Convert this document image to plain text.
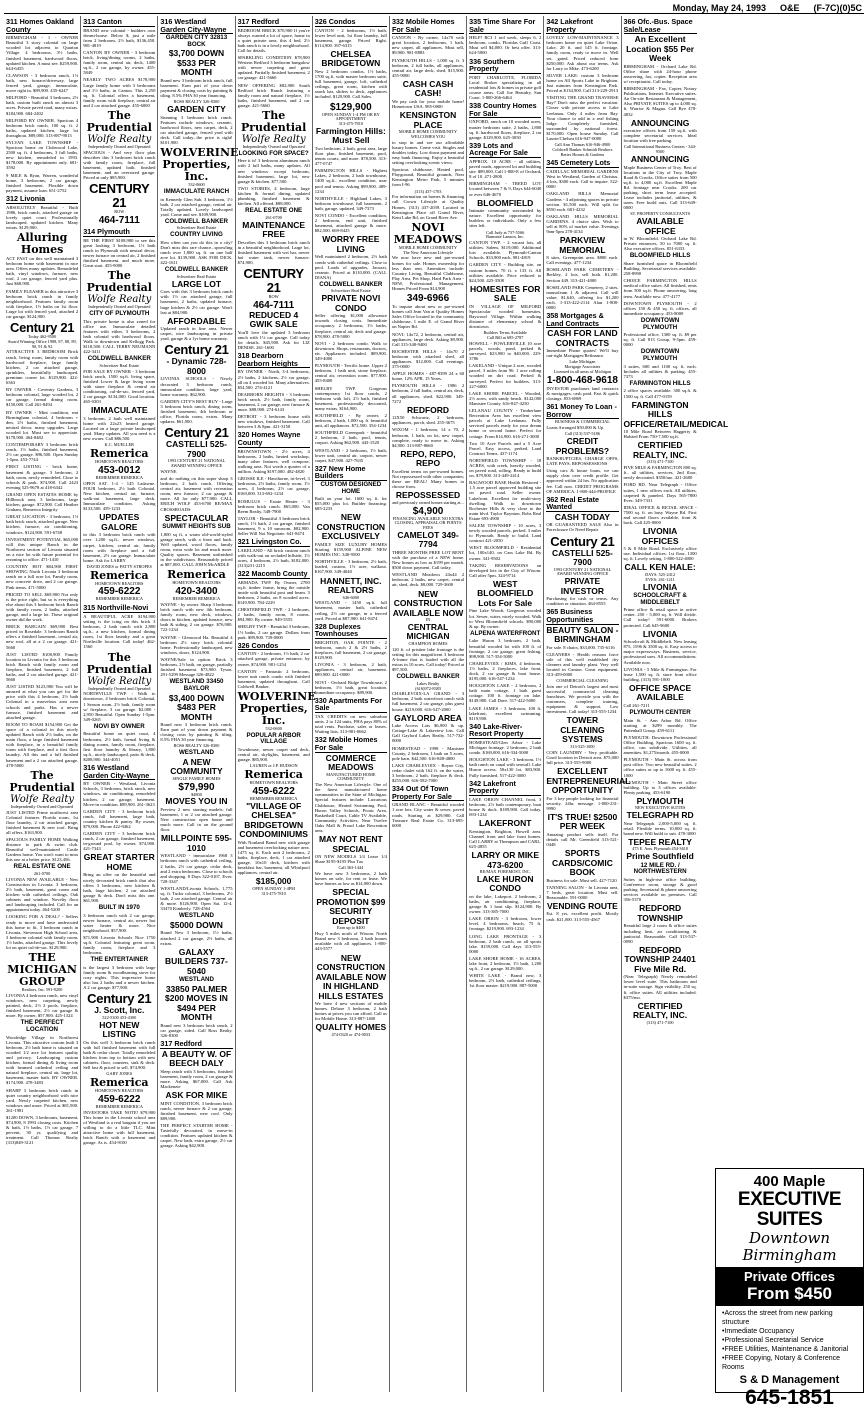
Monday, May 24, 1993 O&E (F-7C)(0)5C
311 Homes Oakland County
BIRMINGHAM - 1 - OWNER Beautiful 3 story colonial on large wooded lot adjacent to Quarton Village. 4 bedrooms, 3½ baths, finished basement, hardwood floors, updated kitchen. A must see. $259,900. 644-6455
CLAWSON - 3 bedroom ranch, 1½ bath, new furnace/driveway, large fenced yard, garage, immaculate, move right in. $89,900. 435-6247
MILFORD - Beautiful 3 bedroom, 2½ bath, custom built ranch on almost 3 acres. Private paved road, many extras. $184,900. 684-2402
MILFORD BY OWNER. Spacious 4 bedroom brick ranch, 100 sq. ft. 2 baths, updated kitchen, large lot throughout. $89,000. 313-887-9013
SYLVAN LAKE TOWNSHIP - Spacious home on Clubwood Lake, 2500 sq. ft. 4 bedrooms, 3 full baths, new kitchen, remodeled in 1993. $178,000. By appointment only. 681-3592
9 MILE & Ryan, Warren, wonderful home, 3 bedrooms, 2 car garage, finished basement. Flexible down payment, assume loan. 651-2752
312 Livonia
ABSOLUTELY Beautiful - Built 1986, brick ranch, attached garage on lovely quiet court. Professionally landscaped, updated kitchen. Many extras. $129,900.
Alluring Homes
ACT FAST on this well maintained 3 bedroom home with basement in nice area. Offers many updates. Remodeled bath, vinyl windows, furnace, new roof, 2 car garage, fenced yard plus. Just $68,900.
FAMILY PLEASER in this attractive 3 bedroom brick ranch in family neighborhood. Features family room with fireplace, 1½ baths on 1st floor. Large lot with fenced yard, attached 2 car garage. $124,900.
Century 21
Today 462-9500
Award Winning Office 1988, 87, 88, 89, 90, 91 & 92
ATTRACTIVE 3 BEDROOM Brick ranch, living room, family room with hardwood fireplace, large family kitchen, 2 car attached garage, sprinklers, beautifully landscaped, premium corner lot. $129,900. 422-6363
BY OWNER - Coventry Gardens, 3 bedroom colonial, large wooded lot, 2 car garage, formal dining room. $150,000. Call 261-8494
BY OWNER - Mint condition, rmt Birmingham colonial, 4 bedroom + den, 2½ baths, finished basement, neutral decor, many upgrades. Large wooded lot. Must see to appreciate. $178,900. 464-8482
CONTEMPORARY 3 bedroom brick ranch, 1½ baths, finished basement, 2½ car garage. $96,500. Open Sunday 1-5pm. 453-7744
FIRST LISTING - brick home, basement & garage. 3 bedroom, 2 bath, room, newly remodeled. Close to schools & park. $74,900. Call 2423 evening 525-9678 at 418-6342
GRAND OPEN ESTATES HOME by Hillbrook area, 3 bedrooms, large kitchen, garage. $72,900. Call Heather Graham, Remerica Integrity
GREAT LOCATION - 3 bedroom, 1½ bath brick ranch, attached garage. New kitchen, furnace, air conditioning, windows. $124,900. 591-6748
INVESTMENT POTENTIAL $65,000 will this unique Ranch in the Northwest section of Livonia situated on a nice lot with future potential for rezoning to office. 471-1410
COUNTRY HOT $84,900 FIRST SHOWING North Livonia 3 bedroom ranch on a full acre lot. Family room, new concrete drive, and 2 car garage. Pink terms. 471-5000
PRICED TO SELL $69,900 Not only is the price right, but so is everything else about this 3 bedroom brick Ranch with family room, 2 baths, attached garage, and a large lot. These original owner did the work.
BRICK BARGAIN $69,900 Best priced in Rosedale. 3 bedroom Ranch offers a finished basement, central air, new roof, all at a 2 car garage. 421-5660
JUST LISTED $108,900 Family location in Livonia for this 3 bedroom brick Ranch with family room and fireplace, finished basement, 2 full baths, and 2 car attached garage. 421-5660
JUST LISTED $123,900 You will be amazed at what you can get for the price with this 4 bedroom, 2½ bath Colonial in a marvelous area near schools and parks. Has a newer furnace, finished basement and attached garage.
ROOM TO ROAM $154,900 Get the space of a colonial in this nicely updated Ranch with 2½ baths, on the main floor, a large finished basement with fireplace, in a beautiful family room with fireplace, and a first floor laundry. All this and a full finished basement and a 2 car attached garage. 478-5000
The Prudential
Wolfe Realty
Independently Owned and Operated
JUST LISTED Prime northwest area Colonial features Florida room, 1st floor laundry, 2 car attached garage, finished basement & new roof. Bring all offers. $163,900.
SPACIOUS FAMILY HOME Walking distance to park & swim club. Beautiful well-maintained Castle Gardens home. You won't want to miss this one at a better price. $123,456.
REAL ESTATE ONE
261-0700
LIVONIA NEW AVAILABLE - New Construction in Livonia. 3 bedroom, 2½ bath, basement, great room and kitchen with cathedral ceilings, Oak cabinets and window. Novelty floor and landscaping included. Call for an appointment today. 464-5200
LOOKING FOR A DEAL? - Sellers ready to move and have undercuted this home to fit, 3 bedroom ranch in Livonia, Stevenson High School area, 3 bedroom colonial with family room, 1½ baths, attached garage. This lovely lot on quiet cul-de-sac. $129,900.
THE MICHIGAN GROUP
Realtors, Inc. 591-9200
LIVONIA 4 bedroom ranch, new vinyl windows, new carpeting, newly painted, deck, 2½ 2 pools, fireplace, finished basement, 2½ car garage & more. By owner, $57,900. 425-1324
THE PERFECT LOCATION
Woodridge Village in Northwest Livonia. This attractive custom built 3 bedroom, 2½ bath home is situated on wooded 1/2 acre lot features quality and privacy. Landscaping custom kitchen, formal dining & living room with beamed cathedral ceiling and natural fireplace, central air, large lot, basement, master bath. BY OWNER. $174,900. 478-3483
SHARP 3 bedroom brick ranch in quiet country neighborhood with nice yard. Newly carpeted kitchen, new windows and more. Priced at $81,900. 261-1981
$1200 DOWN, 3 bedrooms, basement, $74,900, 8 1993 closing costs. Kitchen & bath, 1½ baths, 1½ car garage. 7 percent, 30 yr, qualifying and treatment. Call Thomas Realty (313)849-3121
313 Canton
BRAND new colonial - builders own dream-house. Below $, just a mile from 2 bedroom, 2½ bath, $136,450. 981-4819
CANTON BY OWNER - 3 bedroom brick, living/dining rooms, 2 baths, family room, central air, deck, 1400 sq.ft., 2 car garage, by owner. 455-5849
NEARLY TWO ACRES $178,900 Large family home with 3 bedrooms and 1½ baths, in Canton. This 2,250 sq. ft. Colonial offers a basement, family room with fireplace, central air and 2 car attached garage. 455-6000
The Prudential
Wolfe Realty
Independently Owned and Operated
SPACIOUS - And very floor plan describes this 3 bedroom brick ranch with family room, fireplace, full basement, updated bath, finished basement, and an oversized garage. Priced at only $85,900.
CENTURY 21
ROW
464-7111
314 Plymouth
BE THE FIRST $108,900 to see this great looking 3 bedroom, 1½ bath ranch in Plymouth with neutral decor, newer furnace on central air, 2 finished finished basement, and much more. Great start. 455-9000
The Prudential
Wolfe Realty
Independently Owned and Operated
CITY OF PLYMOUTH
This private home is also zoned for office use. Immaculate detailed features with either, 3 bedrooms, 2 bath colonial with hardwood floors. Walk to downtown and Kellogg Park. $118,500. CALL TERRY NEUMANN 422-3411
COLDWELL BANKER
Schweitzer Real Estate
FOR SALE BY OWNER - 3 bedroom brick ranch, 1500 sq.ft. living space, finished Lower & large living room with stone fireplace & central air conditioning, cul-de-sac, fenced yard, 2 car garage. $134,000. Good location. 465-0303
IMMACULATE
3 bedroom, 2 bath well maintained home with 22x23 heated garage. Located on a large private landscaped yard. Many updates. All you need is a new owner. Call $86,500.
K.C. MUELLER
Remerica
HOMETOWN REALTORS
453-0012
REMEMBER REMERICA
OPEN SAT. 1-4 - 145 Ladawne. FOUR bedroom, 2½ bath Colonial. New kitchen, central air, furnace, walk-out basement, large deck. Immaculate condition. Asking $133,500. 459-1233
UPDATES GALORE
in this 3 bedroom brick ranch with over 1,200 sq.ft., newer windows, carpet, kitchen, central air, family room with fireplace and a full basement, 2½ car garage. Immaculate home. Ask for LARRY
DAVID JONES or PATTY STROPES
Remerica
HOMETOWN REALTORS
459-6222
REMEMBER REMERICA
315 Northville-Novi
A BEAUTIFUL ACRE $194,900 setting is the icing on this brick 3 bedroom, 2 bath ranch with 2,800 sq.ft., a new kitchen, formal dining room, 1st floor laundry and a great Northville location. Call today! 462-1560
The Prudential
Wolfe Realty
Independently Owned and Operated
NORTHVILLE TWP. - Walk to downtown, 4 bedroom brick Colonial, 1 Season room, 2½ bath, family room w/ fireplace, 3 car garage. $2,000 - 2,950 Beautiful. Open Sunday 1-5pm. 349-0265
NOVI BY OWNER
Beautiful home on quiet court, 4 bedrooms, 2½ bath, formal living & dining rooms, family room, fireplace, first floor laundry & library, 1,800 sq.ft., nicely landscaped, patio & deck, $208,900. 344-4051
316 Westland Garden City-Wayne
BY OWNER - Westland, Livonia Schools, 3 bedroom, brick ranch, new windows, air conditioning, remodeled kitchen, 2 car garage, basement. Move-in condition. $89,900. 261-3623
GARDEN CITY - 3 bedroom brick ranch, full basement, large bath, country kitchen & pantry. By owner, $79,000. Phone 422-9462
GARDEN CITY - 3 bedroom brick ranch, 2 car garage, finished basement, in-ground pool, by owner, $74,900. 421-7343
GREAT STARTER HOME
Bring an offer on the beautiful and nicely decorated brick ranch that also offers 3 bedrooms, new kitchen & bath, large kitchen, 2 car attached garage & deck. Don't miss this one. $61,900.
BUILT IN 1970
3 bedroom ranch with 2 car garage, newer furnace, central air, newer hot water heater & more. Nice neighborhood. $57,900.
$71,900 Livonia Schools Nice 1750 sq.ft. Colonial featuring great room, family room, fireplace and 3 bedrooms.
THE ENTERTAINER
is the largest 3 bedroom with large family room & woodburning stove for cozy nights. This impressive home also has 2 baths and a newer kitchen. A 2 car garage. $77,900.
Century 21
J. Scott, Inc.
522-5300 453-4300
HOT NEW LISTING
On this well 3 bedroom brick ranch with full finished basement with full bath & cedar closet. Totally remodeled kitchen from top to bottom with new cabinets, floor, counters, sink & deck. Sell fast & priced to sell. $74,900.
GARY JONES
Remerica
HOMETOWN REALTORS
459-6222
REMEMBER REMERICA
INVESTORS TAKE NOTE! $79,900 This home in the Livonia school area of Westland is a real bargain if you are willing to do a little TLC. Mint attractive home with full basement, brick Ranch with a basement and garage. As is. 454-9100
316 Westland Garden City-Wayne
GARDEN CITY 32813 BOCK
$3,700 DOWN $533 PER MONTH
Brand new 3 bedroom brick ranch, full basement. Earn part of your down payment & closing costs by painting & tiling. 8.5% FHA 30 year financing.
ROSS REALTY 326-8300
GARDEN CITY
Stunning 3 bedroom brick ranch. Features include windows, ceramic, hardwood floors, new carpet, deck, 2 car attached garage, fenced yard with deck. Call today...the price is right! $101,900.
WOLVERINE Properties, Inc.
532-0600
IMMACULATE RANCH
in Kennedy Glen Sub. 3 bedroom, 1½ bath, 2 car attached garage, central air. Totally updated. Lovely landscaped yard. Come and see. $109,900.
COLDWELL BANKER
Schweitzer Real Estate
COUNTRY LIVING
How often can you do this in a city? Don't miss this rare chance...sprawling ranch over 1,800 sq. ft. on one half acre lot. $139,900. ASK FOR DICK. 422-1611
COLDWELL BANKER
Schweitzer Real Estate
LARGE LOT
Goes with this 3 bedroom brick ranch with 1½ car attached garage, full basement, 2 baths, updated furnace, huge kitchen & 2½ car garage. Won't last at $84,900.
AFFORDABLE
Updated ranch in fine area. Newer carpet, nice landscaping in private yard, garage & a 1yr home warranty.
Century 21
- Dynamic 728-8000
LIVONIA SCHOOLS - Newly decorated 3 bedroom ranch, immaculate condition, large yard, home warranty. $62,900.
GARDEN CITY'S BEST BUY - Large 3 bedroom brick ranch, dining room, finished basement, 4th bedroom or office, Florida room, extras. Many updates. $61,900.
Century 21
CASTELLI 525-7900
1993 CENTURY 21 NATIONAL AWARD WINNING OFFICE
WAYNE
and do nothing on this super sharp 3 bedroom, 2 bath ranch. Offering central air, basement with recreation room, new furnace, 2 car garage & more. All for only $77,900. CALL ERICH WOLF 453-6700 RE/MAX CROSSROADS
SPECTACULAR
SUMMIT HEIGHTS SUB
1,800 sq ft, a warm old-world-styled garage ranch, with a front and back. Well updated, wood floors, family room, extra wide lot and much more. Quality spaces. Basement unfinished in the subdivision. Reasonably priced at $87,000. CALL JOHN McARDLE
Remerica
HOMETOWN REALTORS
420-3400
REMEMBER REMERICA
WAYNE - by owner. Sharp 3 bedroom brick ranch with new 4th bedroom, family room, new deck, windows, doors in kitchen, updated furnace, new bath & siding, 2 car garage. $76,900. 722-1234
WAYNE - Glenwood Ha. Beautiful 4 bedroom 2½ story brick colonial home. Professionally landscaped, new windows, doors. $124,900.
WAYNE/Sale in option. Brick 3 bedroom, 2½ bath, on garage, partially finished basement. $73,900. Tyson. 291-5299 Message 326-4822
WESTLAND 33450 BAYLOR
$3,400 DOWN $483 PER MONTH
Brand new 3 bedroom brick ranch. Earn part of your down payment & closing costs by painting & tiling. 8.5% FHA 30 year financing.
ROSS REALTY 326-8300
WESTLAND
A NEW COMMUNITY
SINGLE FAMILY HOMES
$79,990
$4800
MOVES YOU IN
Preview 2 new starting models: full basement, 1 or 2 car attached garage. New construction open house and much more. Call in on the ground floor.
MILLPOINTE 595-1010
WESTLAND - immaculate 1968 3 bedroom ranch with cathedral ceiling, 2 baths, 2½ car garage, cedar deck, and 2 extra bedrooms. Close to schools and shopping. 8 Days 322-0107. Eves: 728-3347
WESTLAND/Livonia Schools, 1,775 sq. ft. Tudor colonial, 3 bedrooms, 2½ bath, 2 car attached garage. Central air & more. $126,900. Open Sat. 12-4. 33470 Kimberly. 728-4564
WESTLAND
$5000 DOWN
Brand New 3 bedroom, 1½ baths, attached 2 car garage, 2½ baths, all extras.
GALAXY BUILDERS 737-5040
WESTLAND
33850 PALMER $200 MOVES IN $494 PER MONTH
Brand new 3 bedroom brick ranch, 2 car garage, sided. Call Ross Realty. 326-8300
317 Redford
A BEAUTY W. OF BEECH DALY
Sleep ranch with 3 bedrooms, finished basement, family room, 2 car garage & more. Asking $67,000. Call Ask Mackenzie
ASK FOR MIKE
MINT CONDITION, 3 bedroom brick ranch, newer furnace & 2 car garage, finished basement, new roof. Only $89,900.
THE PERFECT STARTER HOME - Tastefully decorated, in move-in condition. Features updated kitchen & carpet. New bath, extra garage, 2½ car garage. Asking $42,900.
317 Redford
BEDROOM BRICK $70,900 If you're always wanted a lot of space, home in a quiet private area, this 4 bed, 2½ bath ranch is in a lovely neighborhood. Call for details.
SPARKLING CONDITION $78,900 Western Redford 3 bedroom bungalow with newer carpeting and great updated. Partially finished basement, 2 car garage. 421-5660
NEW OFFERING $82,900 South Redford brick Ranch featuring a family room and natural fireplace, 1½ baths, finished basement, and 2 car garage. 421-5660
The Prudential
Wolfe Realty
Independently Owned and Operated
LOOKING FOR SPACE?
Here it is! 3 bedroom aluminum ranch with 2 full baths, many updates. All new windows except bedroom, finished basement, large lot, new garage & kitchen. $77,500.
TWO STORIES, 4 bedroom, large kitchen & formal dining, updated plumbing, finished basement & kitchen. All offered. $88,000.
REAL ESTATE ONE
261-0700
MAINTENANCE FREE
Describes this 3 bedroom brick ranch in a beautiful neighborhood. Large lot, finished basement with wet bar, newer hot water tank, newer furnace. $74,900.
CENTURY 21
ROW
464-7111
REDUCED 4 GWIK SALE
You'll love the updated 3 bedroom ranch with 1½ car garage. Call today for details. $45,900. Ask for LIZ DENISE. 261-1600
318 Dearborn Dearborn Heights
BY OWNER - North, 3-4 bedrooms, 2½ baths, 2 kitchens, 2½ car garage, all on 4 wooded lot. Many alternatives. $54,500. 274-4121
DEARBORN HEIGHTS - 3 bedroom brick ranch, 2½ bath, family room, basement, 2 car garage, new furnace & more. $88,900. 274-6143
DETROIT - 3 bedroom house with new windows, finished basement. Call between 3 & 8pm. 421-3158
320 Homes Wayne County
BROWNSTOWN - 2½ acres, 4 bedrooms, 2 baths, heated workshop, many other features, well compose, walking area. Not worth a quarter of a million. Asking $197,000. 482-4820
GROSSE ILE - Hawthorne, tri-level, 3 bedrooms, 2½ baths, family room, 1½ acres, 4 bedroom, 2½ car garage, $169,000. 313-692-1234
ROMULUS - Estate Heater - 3 bedroom brick ranch. $65,000. Van Reem Realty. 548-7900
TAYLOR - Beautiful 3 bedroom brick ranch, 1½ bath, 2 car garage, finished basement, 9 x 10 sunroom, $82,900. Seller Will Not Negotiate. 641-8474
321 Livingston Co.
LAKELAND - All brick custom ranch with walk-out on secluded hillside, 1½ acres, 4 bedroom, 2½ bath, $182,000. (313)231-2215
322 Macomb County
ARMADA TWP. By Owner, 2700 sq.ft. timber frame, bring the outside inside with beautiful post and beam. 3 bedroom, 2 baths, on 8 wooded acres. $149,900. 784-2229
CHESTERFIELD TWP. - 2 bedroom, 2 baths, family room, 8 rooms. $94,900. By owner. 949-5555
SHELBY TWP. - Beautiful 3 bedroom, 1½ baths, 2 car garage. Dollars from park. $89,900. 739-0000
326 Condos
CANTON - 2 bedroom, 1½ bath, 2 car attached garage, private entrance, by owner, $74,900. 981-1254
CANTON - Fantastic 2 bedroom, lower unit ranch condo with finished basement, updated throughout. Call Coldwell Banker.
WOLVERINE Properties, Inc.
532-0600
POPULAR ARBOR VILLAGE
Townhouse, newer carpet and deck, central air, skylights, basement, and garage. $85,900.
LAUREN or J.P. HUDSON
Remerica
HOMETOWN REALTORS
459-6222
REMEMBER REMERICA
"VILLAGE OF CHELSEA" BRIDGETOWN CONDOMINIUMS
With Nonland Brand new with garage and basement overlooking nature area. 1475 sq. ft. Each unit 2 bedrooms, 2 baths, fireplace, deck, 1 car attached garage, 10x10 deck, kitchen with breakfast bar, basement, all Whirlpool appliances, central air.
$185,000
OPEN SUNDAY 1-4PM
313-475-7810
326 Condos
CANTON - 2 bedrooms, 1½ bath, lower level unit, 1st floor laundry, full basement, garage. Priced Right. $114,900. 397-6315
CHELSEA BRIDGETOWN
New 2 bedroom condos, 1½ baths, 1700 sq.ft. with master bedroom suite, full basement, garage, loft, cathedral ceilings, great room, kitchen with snack bar, sliders to deck, appliances included. $129,900. Call Sales.
$129,900
OPEN SUNDAY 1-4 PM OR BY APPOINTMENT
313-475-7810
Farmington Hills: Must Sell
Two bedroom, 2 bath, great area, large floor plan, finished basement, pool, tennis courts, and more. $78,500. 313-477-0747
FARMINGTON HILLS - Highest Lakes, 2 bedroom, 2 bath townhouse, 1400 sq.ft., excellent condition, near pool and tennis. Asking $99,900. 489-1234
NORTHVILLE - Highland Lakes, 3 bedroom townhouse, full basement, 2 bath, garage, updated. 349-7373
NOVI CONDO - Excellent condition, 2 bedroom, end unit, finished basement, attached garage & more. $82,500. 669-8425
WORRY FREE LIVING
Well maintained 2 bedroom, 2½ bath condo with cathedral ceilings. Close to pool. Loads of upgrades, Jacuzzi, ceramic. Priced at $110,000. (CALL DIANA)
COLDWELL BANKER
Schweitzer Real Estate
PRIVATE NOVI CONDO
Seller offering $1,000 allowance towards closing costs. Immediate occupancy. 2 bedrooms, 1½ baths, fireplace, central air, deck and garage. $78,900. 478-5000
NOVI - 2 bedroom condo. Walk to downtown. Shops, restaurants, doctors, etc. Appliances included. $89,900. 349-4000
PLYMOUTH - Terrific home. Upper 2 bedroom, 1 bath unit, stone fireplace, central air, recreation room. $77,900. 455-8400
SHELBY TWP. Gorgeous contemporary 1st floor condo, 2 bedroom with loft, 2½ bath, finished basement, professionally decorated, many extras. $164,900.
SOUTHFIELD - By owner, 2 bedroom, 2 bath, 1,000 sq. ft. beautiful unit, all appliances. $72,500. 354-1234
SOUTHFIELD Greenpark - beautiful 2 bedroom, 2 bath, pool, tennis, carport. Asking $62,900. 443-1520
WESTLAND - 2 bedroom, 1½ bath, lower unit, central air, carport, newer carpet, $47,900. 427-7635
327 New Home Builders
CUSTOM DESIGNED HOME
Built on your lot. 1600 sq. ft. for $55,000 plus lot. Builder financing. 685-2233
NEW CONSTRUCTION EXCLUSIVELY
FAMILY SIZE LUXURY HOMES Starting $159,900 ALPINE NEW HOMES INC. 348-9500
NORTHVILLE - 3 bedroom, 2½ bath, loaded, custom, 1½ acre, walkout. $167,900. 349-4040
HANNETT, INC. REALTORS
646-6000
WESTLAND - 1450 sq.ft. full basement, master bath, cathedral ceiling, 2½ car garage, in a fenced yard. Priced at $87,900. 641-8474
328 Duplexes Townhouses
BRIGHTON, OAK POINTE - 2 bedroom, ranch 2 & 2½ baths, 2 fireplaces, full basement, 2 car garage. $129,900.
LIVONIA - 3 bedroom, 2 bath, appliances, central air, basement. $89,900. 421-0000
NOVI - Orchard Ridge Townhouse, 2 bedroom, 1½ bath, great location. Immediate occupancy. $89,900.
330 Apartments For Sale
TAX CREDITS on new suburban units. 2 to 124 units, FHA pays 80% of total rents. Purchase, sales or leases. Waiting lists. 313-981-0662
332 Mobile Homes For Sale
COMMERCE MEADOWS
MANUFACTURED HOME COMMUNITY
The New American Lifestyle. One of the finest manufactured home communities in the State of Michigan. Special features include: Luxurious Clubhouse, Heated Swimming Pool, Huron Valley Schools, Picnic Area, Basketball Court, Cable TV Available, Community Activities, Near Twelve Oaks Mall & Proud Lake Recreation area.
MAY NOT RENT SPECIAL
ON NEW MODELS 1/4 Lease 1/4 Share $195-$195 Plus Tax
Call 363-1444
We have new 3 bedrooms, 2 bath homes on sale, for rent or lease. We have homes as low as $14,900 down.
SPECIAL PROMOTION $99 SECURITY DEPOSIT
Earn up to $400
Hwy 5 miles north of Wixom. North Brand new 3 bedroom, 2 bath homes available with all appliances. 1-800-443-5577
NEW CONSTRUCTION AVAILABLE NOW IN HIGHLAND HILLS ESTATES
We have 4 new sections of mobile homes. Deluxe 3 bedroom, 2 bath homes at prices you can afford. Call us for Mobile Home. 313-887-1400
QUALITY HOMES
474-0320 or 474-0033
332 Mobile Homes For Sale
CANTON - By owner, 14x70 with great location, 2 bedrooms, 1 bath, new carpet, all appliances. Must sell, $9,900. 981-8883
PLYMOUTH HILLS - 1,000 sq. ft. 3 bedroom, 2 full baths, all appliances, central air, large deck, shed, $15,900. 455-9000
CASH CASH CASH!
We pay cash for your mobile home! Hometown USA. 985-0000
KENSINGTON PLACE
MOBILE HOME COMMUNITY WELCOMES YOU
to stop in and see our affordable luxury homes. Come visit. Singles and doubles today. Low down payment and easy bank financing. Enjoy a beautiful setting overlooking scenic views.
Spacious clubhouse, Heated pool, Playground, Beautiful grounds, Near Kensington Metro Park, 5 minutes from I-96
(313) 437-1703
For information on homes & financing call Crown Lifestyle at Quality Homes. (313) 437-2039. Located in Kensington Place off Grand River, Kent Lake Rd, on Grand River Ave.
NOVI MEADOWS
MOBILE HOME COMMUNITY
The New American Lifestyle
We now have new and pre-owned homes for sale. Homes ownership for less than rent. Amenities include: Country Living, Beautiful Clubhouse, Play Area, Pet Shop, Hard Park Area - NEW, Professional Management, Homes Priced From $14,900
349-6966
To inquire about new or pre-owned homes call Jean Van at Quality Homes Sales Office located in the community clubhouse, 1 mile E. of Grand River on Napier Rd.
NOVI: 14x72, 2 bedroom, central air, appliances, large deck. Asking $9,900. Call 315-348-9400
ROCHESTER HILLS - 14x70 2 bedroom with attached shed, all appliances. $12,000. Call evenings. 375-0000
APPLE HOMES - 487-8399 24 x 60 home, 12% APR. 15 Years.
PLYMOUTH HILLS - 1986 2 bedroom, 2 full baths, central air, deck, all appliances, shed. $22,900. 349-7272
REDFORD
12X50 Schwartz, 2 bedroom, appliances, porch, shed. 255-3675
WIXOM - 1 bedroom, 14 x 70, 2 bedroom, 1 bath, on lot, new carpet, complete, ready to move in. Asking $4,900. 313-887-8660
REPO, REPO, REPO
Excellent terms on pre-owned homes. Not repossessed with other companies; these are REAL! Many homes to choose from.
REPOSSESSED
and previously owned homes starting at...
$4,900
FINANCING AVAILABLE NO EXTRA CLOSING, APPRAISAL OR POINTS FEES
CAMELOT 349-7794
THREE MONTHS FREE LOT RENT with the purchase of a NEW home. New homes as low as $199 per month. $500 down payment. Call today.
WESTLAND Meadows 24x44 2 bedroom, 2 baths, new carpet, central air, shed, deck. $8,000. 729-3600
NEW CONSTRUCTION AVAILABLE NOW
IN
CENTRAL MICHIGAN
CHAMPION HOMES
120 ft. of pristine lake frontage is the setting for this magnificent 3 bedroom A-frame that is loaded with all the extras in 10 acres. Call today! Priced at $97,500.
COLDWELL BANKER
Lakes Realty
(616)972-8383
CHARLEVOIX-LA GRAND - 3 bedroom, 2 bath waterfront ranch with full basement, 2 car garage, plus guest house. $219,000. 616-547-2000
GAYLORD AREA
Lake Access Lots $6,900 & up. Cottage-Lake & Lakeview lots. Call Gall Gaylord Lakes Realty. 517-732-0000
HOMESTEAD - 1998 - Manistee County, 2 bedroom, 1 bath on 5 acres, pole barn. $42,500. 616-848-4800
LAKE CHARLEVOIX - Boyne City, cedar chalet with 162 ft. on the water, 3 bedroom, 2 bath, fireplace & deck. $255,000. 616-582-7000
334 Out Of Town Property For Sale
GRAND BLANC - Beautiful wooded 1 acre lots. City water & sewer, paved roads. Starting at $29,900. Call Treasure Real Estate Co. 313-695-6000
335 Time Share For Sale
HELP! RCI 1 red week, sleeps 6, 2 bedroom, condo, Floridas Gulf Coast. Must sell $4,000. Or best offer. 313-624-5000
336 Southern Property
PORT CHARLOTTE, FLORIDA Local Broker specializing in all residential lots & homes in private golf course areas. Call Joe Beaudry, Sun Coast. 1-800-266-6464
338 Country Homes For Sale
OXFORD, ranch on 10 wooded acres, master bedroom suite, 2 baths, 1,800 sq. ft. hardwood floors, fireplace, 2 car garage. $129,900. 625-3050
339 Lots and Acreage For Sale
APPROX. 10 ACRE - all utilities, paved roads, approved lot and building site. $89,000. Call 1-800-E of Orchard, 8 of 10. 471-2800
BIRMINGHAM - TREED LOT located between 7 & 9, Days 644-6040 or eves 646-4670
BLOOMFIELD
Intimate community surrounded by nature. Excellent opportunity for builders or individuals. Only a few sites left.
Call Judy at 737-5566
Bamonte Lanaon, Inc.
CANTON TWP. - 2 vacant lots, all utilities. Salem, $119,000. Additional lots available. Plymouth-Canton Schools. $33,900 each. 981-4819
GARDEN CITY - Building site, on custom homes. 70 ft. x 133 ft. All utilities available. Price reduced to $24,500. 425-3508
HOMESITES FOR SALE
IN VILLAGE OF MILFORD Spectacular wooded homesites, Baywood Village. Within walking distance of elementary school & downtown.
Builders Terms Available
Call Bill at 685-2787
HOWELL - FOWLERVILLE 10 acre parcels, woods, pond, perked & surveyed. $23,900 to $40,000. 229-3786
LAKELAND - Unique 2 acre, wooded parcel, 3 miles from 96. 1 acre rolling wooded on dirt road. Perked & surveyed. Perfect for builders. 313-227-6000
LAKE SHORE PARCEL - Wooded, 2½ acres, with sandy beach. $142,000 Manistee County. 616-847-4250
LELANAU COUNTY - Timberlane Recreation Area has excellent view parcels at Lake Leelanau. Fully serviced parcels ready for your dream home or second home. Perfect for cottage. From $14,900. 616-271-3000
Two 10 Acre Parcels and a 5 Acre Parcel. Easy access, perked. Land Contract Terms. 437-1174
NORTHFIELD TOWNSHIP - 18 ACRES, with creek, heavily wooded, on paved road, rolling. Ready to build on. $79,900. 313-449-2414
BAGWOOD BASE Health Restored - 1.5 acre parcel approved building site on paved road. Seller owner. Lakefront. Excellent for multi-story dwelling. Walk to downtown Rochester Hills & very close to the main blvd. Taylor Boynton, Bobs Real Estate 693-4900
SALEM TOWNSHIP - 10 acres, 3 newly wooded parcels, perked. 3 miles to Plymouth. Ready to build. Land contract 421-2050
WEST BLOOMFIELD - Residential lot, 100x140, on Cass Lake Rd. By owner. 341-9502
TAKING RESERVATIONS on developed lots in the City of Wixom. Call after 5pm. 324-9714
WEST BLOOMFIELD Lots For Sale
Pine Lake Woods. Gorgeous wooded lot. Sewer, water, nicely wooded. Walk to West Bloomfield schools. $90,000 & up. By owner.
ALPENA WATERFRONT
Lake Huron 3 bedroom, 2 bath, beautiful wooded lot with 100 ft. of frontage, 2 car garage, great fishing. $98,900. 517-354-5000
CHARLEVOIX / KIMS, 4 bedroom, 1½ baths, 2 fireplaces, lake front, dock, 2 car garage & boat house. $195,000. 616-547-1234
HOUGHTON LAKE - 2 bedroom, 2 bath main cottage, 1 bath guest cottage. 100 ft. frontage on lake. $149,900. Call Dave. 517-422-5000
LAKE JAMES - 3 bedroom, 100 ft. lakefront, excellent swimming. $119,900.
340 Lake-River-Resort Property
HOMESTEAD/Glen Arbor - Lake Michigan frontage. 2 bedroom, 2 bath condo. $169,000. 616-334-5000
HOUGHTON LAKE - 3 bedroom, 1½ bath ranch on canal with seawall. Lake Huron access. 50x130 lot. $83,900. Fully furnished. 517-422-3000
342 Lakefront Property
LAKE ORION CHANNEL front, 3 bedroom, 2½ bath contemporary, boat house & dock. $189,900. Call today. 693-1234
LAKEFRONT
Kensington, Brighton, Howell area. Channel front and lake front homes. Call LARRY at Thompson and CARL. 625-4855
LARRY OR MIKE 473-6200
RE/MAX FOREMOST, INC.
LAKE HURON CONDO
on the lake, Lakeport. 2 bedroom, 2 baths, air conditioning, fireplace, garage & 1 boat slip. $124,900. By owner. 313-385-7000
LAKE ORION - 3 bedroom, lower level, 4 bedrooms, beach, 75 ft. frontage. $219,900. 693-1234
LONG LAKE FRONTAGE - 3 bedroom, 2 bath ranch, on all sports lake. $159,000. Call days 313-555-0000
LAKE SHORE HOME - 16 ACRES, lake front, 2 bedroom, 1½ bath, 1,200 sq.ft., 2 car garage. $129,000.
WHITE LAKE - Brand new, 3 bedroom, 2½ bath, cathedral ceilings, 1st floor master. $219,900. 887-5000
342 Lakefront Property
LOVELY LOW-MAINTENANCE 3 bedroom home on quiet Lake Orion. Lake, 20 ft. and 145 ft. frontage, family room, ready to move in. Well set, gated. Priced reduced from $250,000. Ask about our terms. Ask for Larry or Mike. 473-6200
SILVER LAKE: custom 3 bedroom home on All Sports Lake in Brighton. Just minutes from Kensington Park. Priced at $134,900. Call 313-229-2913
VISITING THE GRAND TRAVERSE Bay? Don't miss the perfect vacation. Closer with private access to Lake Leelanau. Only 4 miles from Bay. Your chance to add in a real fishing lodge. Completely furnished, surrounded by national forest. $170,000. Open house Sunday. Call Laurie/Chelsea 616-947-0000
Call Ann Thomas 616-946-4900
Coldwell Banker Schmidt Realtors
Better Homes & Gardens
345 Cemetery Lots
CADILLAC MEMORIAL GARDENS West in Westland, Garden of Christus, 4 lots, $300 each. Call to inquire. 522-0000
OAKLAND HILLS Memorial Gardens - 4 adjoining spaces in private section. $1,500 each. Will split for $550 each. 681-4232
OAKLAND HILLS MEMORIAL GARDENS. 4 choice sites. Wish to sell at 80% of market value. Evenings 9am-5pm 278-4134
PARKVIEW MEMORIAL
8 sites, Greenpoint area. $800 each. Call evenings. 477-1234
ROSELAND PARK CEMETERY - Berkley, 2 lots, sell both. $1,200. Section 449. 313-421-4000
ROSELAND PARK Cemetery, 2 sites, mausoleum 1 & adjacent. Call will value; $1,640, offering for $1,200 each. 1-313-422-2114 Alan 1-808-0000
358 Mortgages & Land Contracts
CASH FOR LAND CONTRACTS
Immediate Phone quotes! We'll buy out-right Mortgages/Refinance.
Lake Michigan
Mortgage Associates
Licensed in all areas of Michigan
1-800-468-9618
INVESTOR purchases land contracts & mortgages, cash paid. Fast & quick closings. 853-6869
361 Money To Loan - Borrow
BUSINESS & COMMERCIAL
Loans Arranged $50,000 & Up
Call (313) 537-5186
CREDIT PROBLEMS?
BANKRUPTCIES, CHARGE OFFS, LATE PAYS, REPOSSESSIONS
Using cars & house loans, we can supply clear over credit profile. Get approved within 24 hrs. No application fee. Call now. CREDIT PROGRAMS OF AMERICA. 1-800-444-PROFILE
362 Real Estate Wanted
CASH TODAY
OR GUARANTEED SALE Also in Foreclosure Or Need Repair
Century 21
CASTELLI 525-7900
1993 CENTURY 21 NATIONAL AWARD WINNING OFFICE
PRIVATE INVESTOR
Purchasing for cash or terms. Any condition or situation. 464-8555
365 Business Opportunities
BEAUTY SALON - BIRMINGHAM
For sale. 8 chairs, $33,000. 735-6116
CLEANERS - Health reasons force sale of this well established dry cleaners and laundry plant. Very well located in Canton. Great equipment. 313-459-0000
COMMERCIAL CLEANING
Join one of Detroit's largest and most successful commercial cleaning franchises. We provide you with the customers, complete training, equipment & support. Low investment. Call today! 313-555-1234
TOWER CLEANING SYSTEMS
313-525-1000
COIN LAUNDRY - Very profitable. Good location in Detroit area. $75,000 full price. 313-555-9000
EXCELLENT ENTREPRENEURIAL OPPORTUNITY
For 3 key people looking for financial security. 24hr. message. 1-800-231-9990
IT'S TRUE! $2500 PER WEEK
Amazing product sells itself. For details call Mr. Greenfield 313-521-0448
SPORTS CARDS/COMIC BOOK
Business for sale. Must sell. 427-7120
TANNING SALON - In Livonia area, 7 beds, great location. Must sell. Reasonable. 591-0000
VENDING ROUTE
Est. 8 yrs, excellent profit. Mostly cash. $21,000. 313-555-4567
366 Ofc.-Bus. Space Sale/Lease
An Excellent Location $55 Per Week
BIRMINGHAM - Orchard Lake Rd. Office share with 24-hour phone answering, fax, copier. Reception area w/ receptionist. Call today.
BIRMINGHAM - Fax, Copier, Notary Publications, Internet. Executive suites. An On-site Restaurant & Management, Also PRIVATE SUITES up to 4,000 sq. ft. Warrior & Magna. Call Bye 478-4832
ANNOUNCING
executive offices from 150 sq.ft. with complete secretarial services. Ideal location with free parking.
Call International Business Centers - 344-9500
ANNOUNCING
Maple Business Center of Troy. Best of locations in the City of Troy. Maple Road & Crooks. Office suites from 500 sq.ft. to 4,000 sq.ft. Excellent Maple Rd. frontage near Crooks. 200 car parking, short term lease accepted. Lease includes janitorial, utilities, & taxes. Free build outs. Call 313-649-0000
ST. PROPERTY CONSULTANTS
AVAILABLE OFFICE
in W. Bloomfield. Orchard Lake Rd. Private entrances, 50 to 7000 sq. ft. Also executive offices. 851-6333
BLOOMFIELD HILLS
Share furnished space in Bloomfield Building. Secretarial services available. 258-8990
CHOICE FARMINGTON HILLS medical office suites. All finished, rents from 500 sq.ft. Phone answering, long term. Available now. 477-4177
DOWNTOWN PLYMOUTH - 2 offices 150 & 450 sq. ft. offices, all immediate occupancy. 453-8000
DOWNTOWN PLYMOUTH
Professional office, 1300 sq. ft. $9 per sq. ft. Call 813 Group, 9-5pm. 459-0000
DOWNTOWN PLYMOUTH
3 suites, 600 and 1100 sq. ft. each. Includes all utilities & parking. 455-7373
FARMINGTON HILLS
2 office spaces available. 300 sq.ft. & 1500 sq. ft. Call 477-0159
FARMINGTON HILLS OFFICE/RETAIL/MEDICAL
10 Mile Road Between Haggerty & Halsted From 750-7,500 sq.ft.
CERTIFIED REALTY, INC.
(313) 471-7100
FIVE MILE & FARMINGTON 800 sq. ft., all utilities, services, 2nd floor, newly decorated. $350/mo. 421-2680
FORD RD. Near Telegraph - Office suites, 1 new offices each. All utilities, carpeted & paneled. Days 565-7800 Eves: 349-7331
IDEAL OFFICE & RETAIL SPACE - 7500 sq. ft. on busy Wayne Rd. First and second floors available, front & back. Call 425-0000
LIVONIA OFFICES
5 & 8 Mile Road. Exclusively office use. Individual offices. 1st floor, 1300 sq. ft. Lovely setting. 1-800-522-4000
CALL KEN HALE:
DAYS: 525-2412
EVES: 261-1211
LIVONIA
SCHOOLCRAFT & MIDDLEBELT
Prime office & retail space in active center. 250 - 5,000 sq. ft. Will divide. Call today! 591-6000. Brokers protected. Call 645-9600
LIVONIA
Schoolcraft & Middlebelt. New leasing 875, 1596 & 3500 sq. ft. Easy access to major expressways. Business, service, professional uses. All accommodations. Available now.
LIVONIA - 5 Mile & Farmington. For lease 1,500 sq. ft. store front office building. (313) 591-1000
OFFICE SPACE AVAILABLE
Call 261-7211
PLYMOUTH CENTER
Main St. - Ann Arbor Rd. Office starting at $299 monthly. The Pattenhall Group. 459-6111
PLYMOUTH: Downtown Professional Office Building, Spacious 1600 sq. ft. office, can subdivide. Utilities, all amenities. $1,275/month. 455-0000
PLYMOUTH - Main St. across from post office. Two new beautiful suites. 2 office suites or up to 1600 sq. ft. 455-1000
PLYMOUTH - Main Street office building. Up to 3 offices available. Plenty parking. 453-6190
PLYMOUTH
NEW EXECUTIVE SUITES
TELEGRAPH RD
Near Telegraph. 2,000-5,000 sq. ft. retail. Flexible terms. 10,000 sq. ft. brand new. Will build to suit. 478-3000
TEPEE REALTY
475 E. Ann, Plymouth 454-3610
Prime Southfield
12 MILE RD. / NORTHWESTERN
Suites in high-rise office building. Conference room, storage & good parking. Secretarial & phone answering services available on premises. Call 356-5370
REDFORD TOWNSHIP
Beautiful large 2 room & office suites including heat, air conditioning & janitorial. Reasonable. Call 313-537-0990
REDFORD TOWNSHIP 24401 Five Mile Rd.
(Near Telegraph) Newly remodeled lower level suite. This bathroom and in-suite storage. Sign visibility. 250 sq. ft. office suites. All utilities included. $375/mo.
CERTIFIED REALTY, INC.
(313) 471-7100
400 Maple
EXECUTIVE SUITES
Downtown
Birmingham
Private Offices
From $450
• Across the street from new parking structure
• Immediate Occupancy
• Professional Secretarial Service
• FREE Utilities, Maintenance & Janitorial
• FREE Copying, Notary & Conference Rooms
S & D Management
645-1851
